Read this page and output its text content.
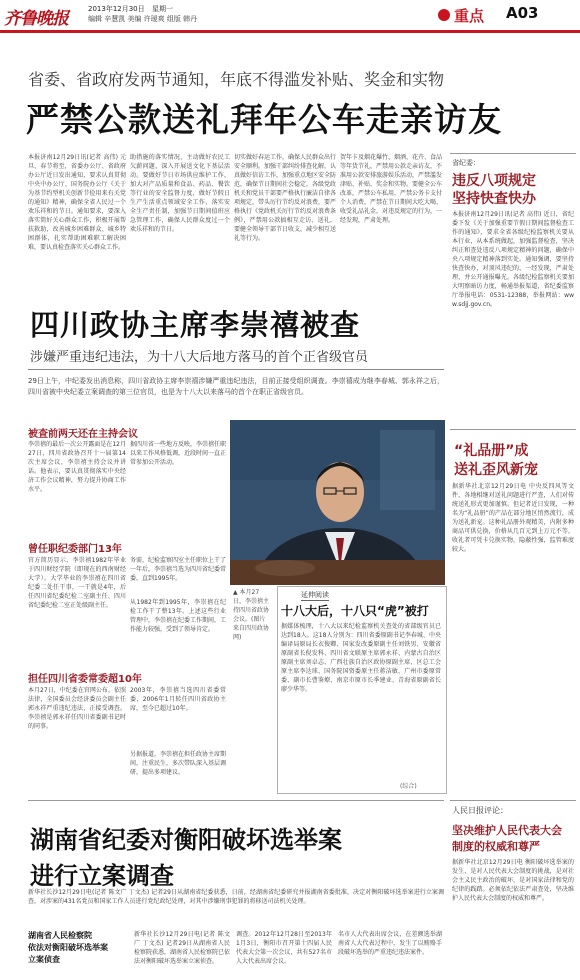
齐鲁晚报	2013年12月30日 星期一
编辑 辛慧凯 美编 许瑷爽 组版 韩丹	重点 A03
省委、省政府发两节通知，年底不得滥发补贴、奖金和实物
严禁公款送礼拜年公车走亲访友
本报济南12月29日讯(记者 高伟) 元旦、春节将至，省委办公厅、省政府办公厅近日发出通知，要求认真贯彻中央中办公厅、国务院办公厅《关于为基节约型机关创新节俭用来有关党的通知》精神，确保全省人民过一个欢乐祥和的节日。通知要求，要深入落实简好关心群众工作，积极开展帮扶救助，改善城乡困难群众、城乡特困群体，扎实帮助困难职工解决困难，要认真检查落实关心群众工作。
助措施的落实情况，主动做好农民工欠薪问题，深入开展送文化下基层活动。要做好节日市场供应维护工作，加大对产品质量和食品、药品、餐饮等行业的安全监督力度，做好节假日生产生活重点领域安全工作，落实安全生产责任制，加强节日期间值班应急管理工作，确保人民群众度过一个欢乐祥和的节日。
切实做好春运工作，确保人民群众出行安全顺利。加强干部纠纷排查化解，认真做好信访工作，加强重点地区安全防范，确保节日期间社会稳定。各级党政机关和党员干部要严格执行廉洁自律各项规定，带头厉行节约反对浪费，要严格执行《党政机关厉行节约反对浪费条例》，严禁用公款搞相互走访、送礼，要健全领导干部节日收支，减少相互送礼等行为。
贺年卡及烟花爆竹、烟酒、花卉、食品等年货节礼，严禁用公款走亲访友，不准用公款安排旅游娱乐活动，严禁滥发津贴、补贴、奖金和实物。要健全公车改革，严禁公车私用，严禁公务卡支付个人消费，严禁在节日期间大吃大喝、收受礼品礼金，对违反规定的行为，一经发现，严肃处理。
省纪委：
违反八项规定
坚持快查快办
本报济南12月29日讯(记者 高伟) 近日，省纪委下发《关于加强重要节假日期间监督检查工作的通知》，要求全省各级纪检监察机关要从本行业，从本系统做起，加强监督检查，坚决纠正和查处违反八项规定精神的问题，确保中央八项规定精神落到实处。通知强调，要坚持快查快办，对顶风违纪的，一经发现，严肃处理，并公开通报曝光。各级纪检监察机关要加大明察暗访力度，畅通举报渠道，省纪委监察厅举报电话：0531-12388，举报网站：www.sdjj.gov.cn。
四川政协主席李崇禧被查
涉嫌严重违纪违法，为十八大后地方落马的首个正省级官员
29日上午，中纪委发出消息称，四川省政协主席李崇禧涉嫌严重违纪违法，目前正接受组织调查。李崇禧成为继李春城、郭永祥之后，四川省被中央纪委立案调查的第三位官员，也是为十八大以来落马的首个在职正省级官员。
被查前两天还在主持会议
李崇禧的最后一次公开露面是在12月27日，四川省政协召开十一届第14次主席会议，李崇禧主持会议并讲话。他表示，要认真贯彻落实中央经济工作会议精神，努力提升协商工作水平。
据四川省一些地方反映，李崇禧任职以来工作风格低调，近段时间一直正常参加公开活动。
曾任职纪委部门13年
官方简历显示，李崇禧1982年毕业于四川财经学院（即现在的西南财经大学）。大学毕业的李崇禧在四川省纪委二处任干事，一干就是4年，后任四川省纪委纪检二室副主任、四川省纪委纪检二室正处级副主任。
务需，纪检监察四室主任职位上干了一年后，李崇禧当选为四川省纪委常委，直到1995年。
从1982年到1995年，李崇禧在纪检工作干了整13年。上述这些行业管理中，李崇禧在纪委工作期间，工作能力较强，受到了领导肯定。
担任四川省委常委超10年
本月27日，中纪委在官网公布，依照法律，全国委员会经济委员会副主任郭永祥严重违纪违法，正接受调查。李崇禧是郭永祥任四川省委副书记时的同事。
2003年，李崇禧当选四川省委常委，2006年1月转任四川省政协主席，至今已超过10年。
另据报道，李崇禧在担任政协主席期间，注重民生，多次带队深入基层调研，提出多项建议。
▲ 本月27日，李崇禧主持四川省政协会议。(图片来自四川政协网)
延伸阅读
十八大后，十八只“虎”被打
据媒体梳理，十八大以来纪检监察机关查处的省部级官员已达到18人。这18人分别为：四川省委原副书记李春城、中央编译局原局长衣俊卿、国家发改委原副主任刘铁男、安徽省原副省长倪发科、四川省文联原主席郭永祥、内蒙古自治区原副主席刘卓志、广西壮族自治区政协原副主席、区总工会原主席李达球、国务院国资委原主任蒋洁敏、广州市委原常委、副市长曹鉴燎、南京市原市长季建业、青海省原副省长廖少华等。
(综合)
“礼品册”成
送礼歪风新宠
据新华社北京12月29日电 中央反四风等文件，各地相继对送礼问题进行严查，人们对传统送礼形式更加谨慎。但记者近日发现，一种名为“礼品册”的产品在部分地区悄然流行，成为送礼新宠。这种礼品册外观精美，内附多种商品可供兑换，价格从几百元到上万元不等，收礼者可凭卡兑换实物，隐蔽性强，监管难度较大。
湖南省纪委对衡阳破坏选举案
进行立案调查
新华社长沙12月29日电(记者 陈文广 丁文杰) 记者29日从湖南省纪委获悉，日前，经湖南省纪委研究并报湖南省委批准，决定对衡阳破坏选举案进行立案调查，对涉案的431名党员和国家工作人员进行党纪政纪处理，对其中涉嫌刑事犯罪的将移送司法机关处理。
湖南省人民检察院
依法对衡阳破坏选举案
立案侦查
新华社长沙12月29日电(记者 陈文广 丁文杰) 记者29日从湖南省人民检察院获悉，湖南省人民检察院已依法对衡阳破坏选举案立案侦查。
调查。2012年12月28日至2013年1月3日，衡阳市召开第十四届人民代表大会第一次会议，共有527名市人大代表出席会议。
名市人大代表出席会议，在差额选举湖南省人大代表过程中，发生了以贿赂手段破坏选举的严重违纪违法案件。
人民日报评论：
坚决维护人民代表大会
制度的权威和尊严
据新华社北京12月29日电 衡阳破坏选举案的发生，是对人民代表大会制度的挑战，是对社会主义民主政治的破坏，是对国家法律和党的纪律的践踏。必须依纪依法严肃查处，坚决维护人民代表大会制度的权威和尊严。
